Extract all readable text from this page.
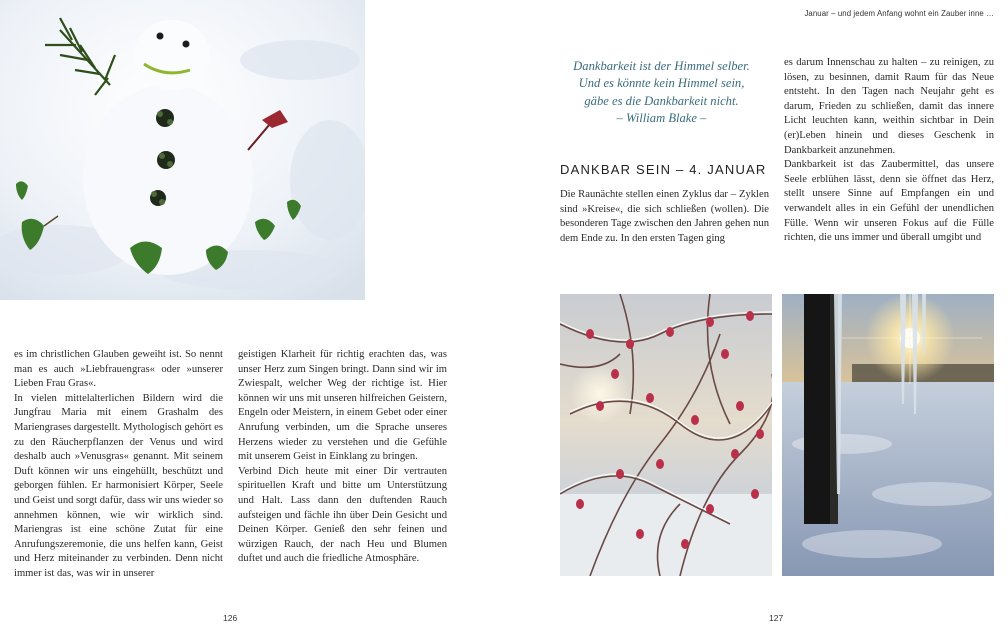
Januar – und jedem Anfang wohnt ein Zauber inne …

es im christlichen Glauben geweiht ist. So nennt man es auch »Liebfrauengras« oder »unserer Lieben Frau Gras«.

In vielen mittelalterlichen Bildern wird die Jungfrau Maria mit einem Grashalm des Mariengrases dargestellt. Mythologisch gehört es zu den Räucherpflanzen der Venus und wird deshalb auch »Venusgras« genannt. Mit seinem Duft können wir uns eingehüllt, beschützt und geborgen fühlen. Er harmonisiert Körper, Seele und Geist und sorgt dafür, dass wir uns wieder so annehmen können, wie wir wirklich sind. Mariengras ist eine schöne Zutat für eine Anrufungszeremonie, die uns helfen kann, Geist und Herz miteinander zu verbinden. Denn nicht immer ist das, was wir in unserer

geistigen Klarheit für richtig erachten das, was unser Herz zum Singen bringt. Dann sind wir im Zwiespalt, welcher Weg der richtige ist. Hier können wir uns mit unseren hilfreichen Geistern, Engeln oder Meistern, in einem Gebet oder einer Anrufung verbinden, um die Sprache unseres Herzens wieder zu verstehen und die Gefühle mit unserem Geist in Einklang zu bringen.

Verbind Dich heute mit einer Dir vertrauten spirituellen Kraft und bitte um Unterstützung und Halt. Lass dann den duftenden Rauch aufsteigen und fächle ihn über Dein Gesicht und Deinen Körper. Genieß den sehr feinen und würzigen Rauch, der nach Heu und Blumen duftet und auch die friedliche Atmosphäre.

126

Dankbarkeit ist der Himmel selber.

Und es könnte kein Himmel sein,

gäbe es die Dankbarkeit nicht.

– William Blake –

DANKBAR SEIN – 4. JANUAR

Die Raunächte stellen einen Zyklus dar – Zyklen sind »Kreise«, die sich schließen (wollen). Die besonderen Tage zwischen den Jahren gehen nun dem Ende zu. In den ersten Tagen ging

es darum Innenschau zu halten – zu reinigen, zu lösen, zu besinnen, damit Raum für das Neue entsteht. In den Tagen nach Neujahr geht es darum, Frieden zu schließen, damit das innere Licht leuchten kann, weithin sichtbar in Dein (er)Leben hinein und dieses Geschenk in Dankbarkeit anzunehmen.

Dankbarkeit ist das Zaubermittel, das unsere Seele erblühen lässt, denn sie öffnet das Herz, stellt unsere Sinne auf Empfangen ein und verwandelt alles in ein Gefühl der unendlichen Fülle. Wenn wir unseren Fokus auf die Fülle richten, die uns immer und überall umgibt und

127
